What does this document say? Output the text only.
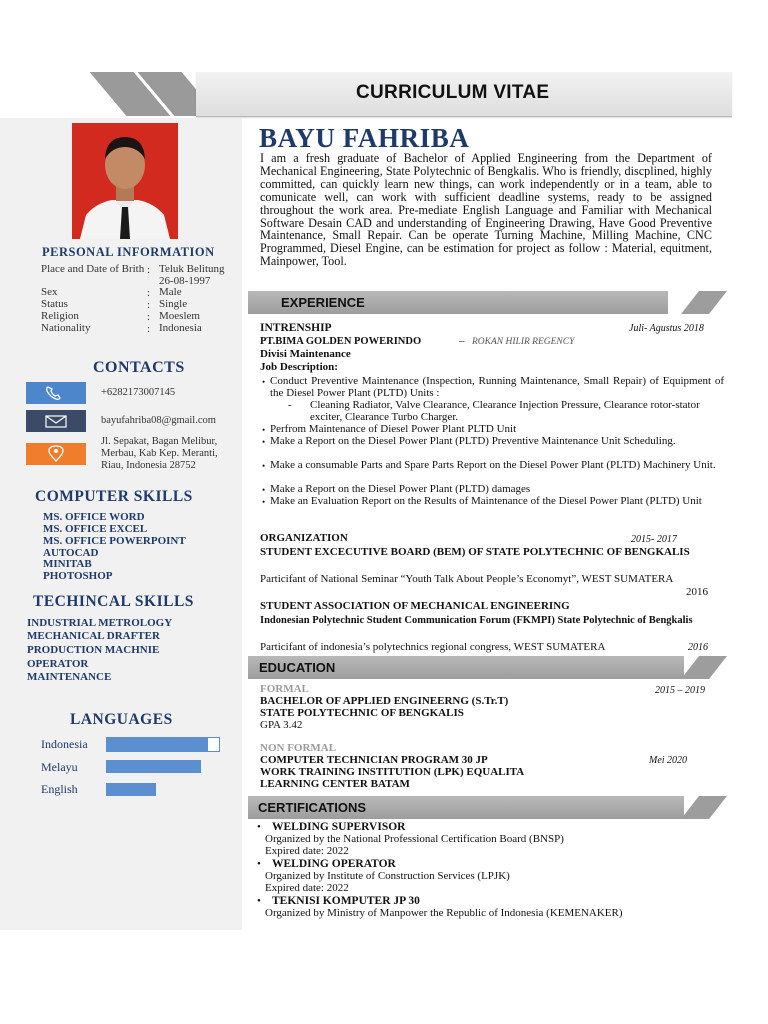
CURRICULUM VITAE
PERSONAL INFORMATION
Place and Date of Brith : Teluk Belitung 26-08-1997
Sex	: Male
Status	: Single
Religion	: Moeslem
Nationality	: Indonesia
CONTACTS
+6282173007145
bayufahriba08@gmail.com
Jl. Sepakat, Bagan Melibur, Merbau, Kab Kep. Meranti, Riau, Indonesia 28752
COMPUTER SKILLS
MS. OFFICE WORD
MS. OFFICE EXCEL
MS. OFFICE POWERPOINT
AUTOCAD
MINITAB
PHOTOSHOP
TECHINCAL SKILLS
INDUSTRIAL METROLOGY
MECHANICAL DRAFTER
PRODUCTION MACHNIE
OPERATOR
MAINTENANCE
LANGUAGES
Indonesia
Melayu
English
BAYU FAHRIBA
I am a fresh graduate of Bachelor of Applied Engineering from the Department of Mechanical Engineering, State Polytechnic of Bengkalis. Who is friendly, discplined, highly committed, can quickly learn new things, can work independently or in a team, able to comunicate well, can work with sufficient deadline systems, ready to be assigned throughout the work area. Pre-mediate English Language and Familiar with Mechanical Software Desain CAD and understanding of Engineering Drawing, Have Good Preventive Maintenance, Small Repair. Can be operate Turning Machine, Milling Machine, CNC Programmed, Diesel Engine, can be estimation for project as follow : Material, equitment, Mainpower, Tool.
EXPERIENCE
INTRENSHIP	Juli- Agustus 2018
PT.BIMA GOLDEN POWERINDO	– ROKAN HILIR REGENCY
Divisi Maintenance
Job Description:
• Conduct Preventive Maintenance (Inspection, Running Maintenance, Small Repair) of Equipment of the Diesel Power Plant (PLTD) Units :
- Cleaning Radiator, Valve Clearance, Clearance Injection Pressure, Clearance rotor-stator exciter, Clearance Turbo Charger.
• Perfrom Maintenance of Diesel Power Plant PLTD Unit
• Make a Report on the Diesel Power Plant (PLTD) Preventive Maintenance Unit Scheduling.
• Make a consumable Parts and Spare Parts Report on the Diesel Power Plant (PLTD) Machinery Unit.
• Make a Report on the Diesel Power Plant (PLTD) damages
• Make an Evaluation Report on the Results of Maintenance of the Diesel Power Plant (PLTD) Unit
ORGANIZATION	2015- 2017
STUDENT EXCECUTIVE BOARD (BEM) OF STATE POLYTECHNIC OF BENGKALIS
Particifant of National Seminar “Youth Talk About People’s Economyt”, WEST SUMATERA
2016
STUDENT ASSOCIATION OF MECHANICAL ENGINEERING
Indonesian Polytechnic Student Communication Forum (FKMPI) State Polytechnic of Bengkalis
Particifant of indonesia’s polytechnics regional congress, WEST SUMATERA	2016
EDUCATION
FORMAL	2015 – 2019
BACHELOR OF APPLIED ENGINEERNG (S.Tr.T)
STATE POLYTECHNIC OF BENGKALIS
GPA 3.42
NON FORMAL
COMPUTER TECHNICIAN PROGRAM 30 JP	Mei 2020
WORK TRAINING INSTITUTION (LPK) EQUALITA LEARNING CENTER BATAM
CERTIFICATIONS
• WELDING SUPERVISOR
Organized by the National Professional Certification Board (BNSP)
Expired date: 2022
• WELDING OPERATOR
Organized by Institute of Construction Services (LPJK)
Expired date: 2022
• TEKNISI KOMPUTER JP 30
Organized by Ministry of Manpower the Republic of Indonesia (KEMENAKER)
